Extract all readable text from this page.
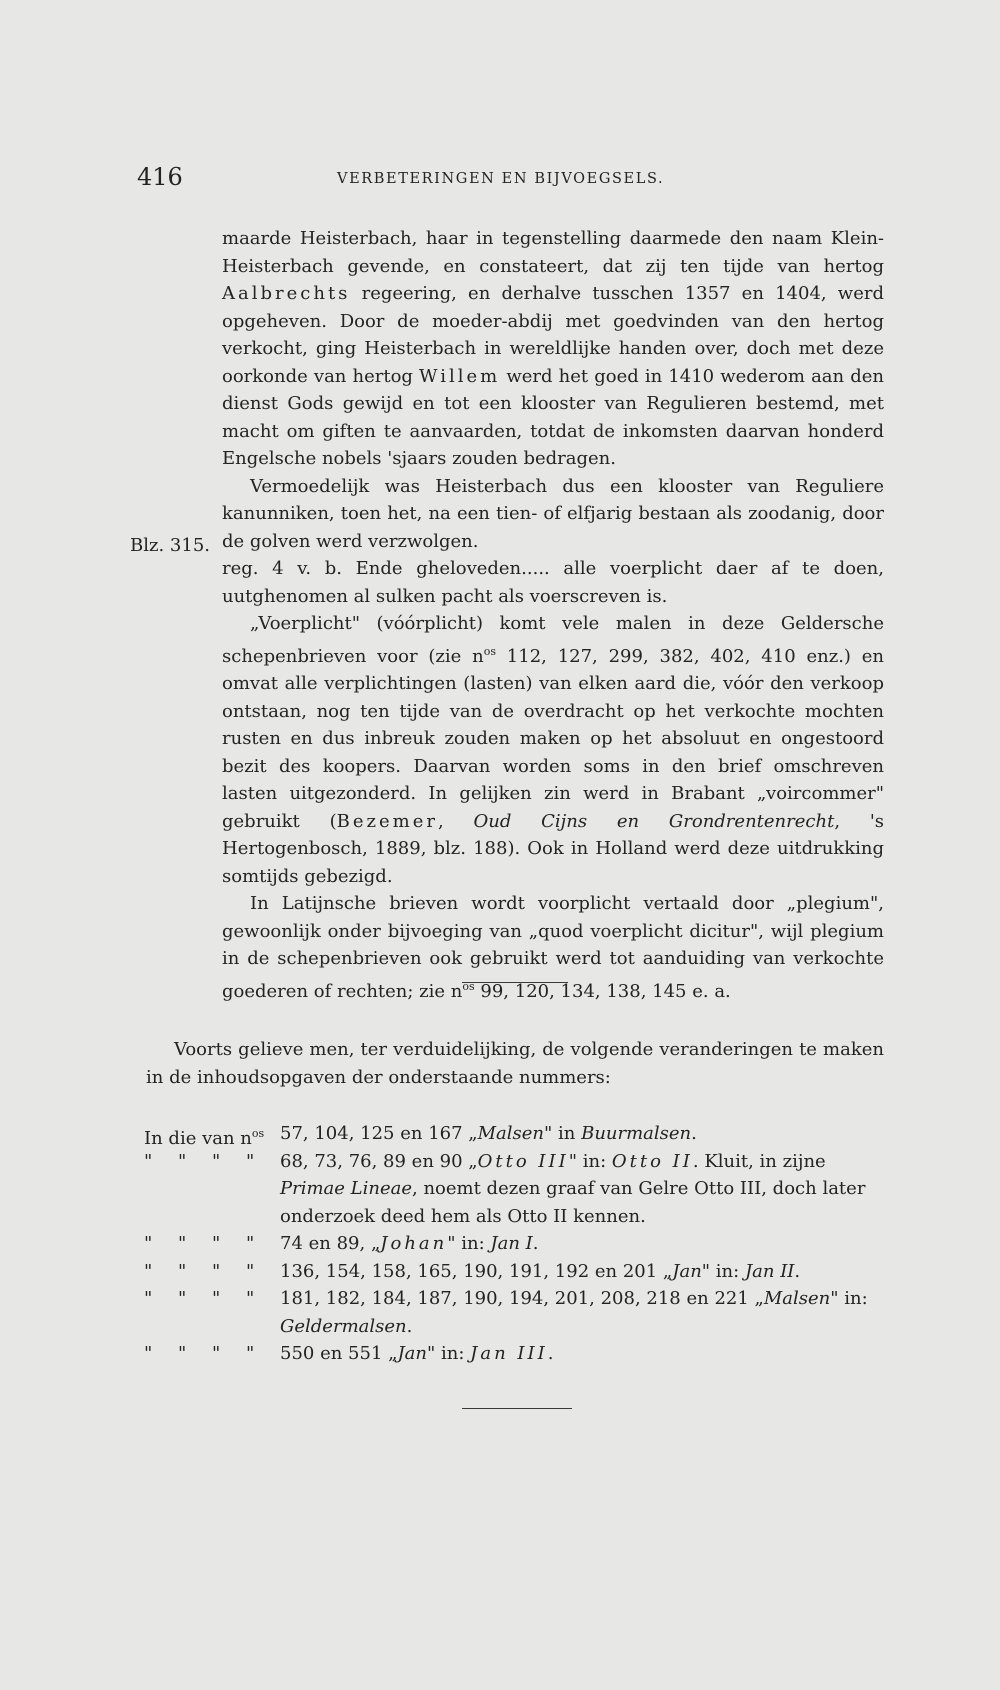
416	VERBETERINGEN EN BIJVOEGSELS.

maarde Heisterbach, haar in tegenstelling daarmede den naam Klein-Heisterbach gevende, en constateert, dat zij ten tijde van hertog Aalbrechts regeering, en derhalve tusschen 1357 en 1404, werd opgeheven. Door de moeder-abdij met goedvinden van den hertog verkocht, ging Heisterbach in wereldlijke handen over, doch met deze oorkonde van hertog Willem werd het goed in 1410 wederom aan den dienst Gods gewijd en tot een klooster van Regulieren bestemd, met macht om giften te aanvaarden, totdat de inkomsten daarvan honderd Engelsche nobels 'sjaars zouden bedragen.

Vermoedelijk was Heisterbach dus een klooster van Reguliere kanunniken, toen het, na een tien- of elfjarig bestaan als zoodanig, door de golven werd verzwolgen.

reg. 4 v. b. Ende gheloveden..... alle voerplicht daer af te doen, uutghenomen al sulken pacht als voerscreven is.

„Voerplicht" (vóórplicht) komt vele malen in deze Geldersche schepenbrieven voor (zie $n^{os}$ 112, 127, 299, 382, 402, 410 enz.) en omvat alle verplichtingen (lasten) van elken aard die, vóór den verkoop ontstaan, nog ten tijde van de overdracht op het verkochte mochten rusten en dus inbreuk zouden maken op het absoluut en ongestoord bezit des koopers. Daarvan worden soms in den brief omschreven lasten uitgezonderd. In gelijken zin werd in Brabant „voircommer" gebruikt (Bezemer, Oud Cijns en Grondrentenrecht, 's Hertogenbosch, 1889, blz. 188). Ook in Holland werd deze uitdrukking somtijds gebezigd.

In Latijnsche brieven wordt voorplicht vertaald door „plegium", gewoonlijk onder bijvoeging van „quod voerplicht dicitur", wijl plegium in de schepenbrieven ook gebruikt werd tot aanduiding van verkochte goederen of rechten; zie $n^{os}$ 99, 120, 134, 138, 145 e. a.

Blz. 315.

Voorts gelieve men, ter verduidelijking, de volgende veranderingen te maken in de inhoudsopgaven der onderstaande nummers:

In die van $n^{os}$ 57, 104, 125 en 167 „Malsen" in Buurmalsen.
" " " "	68, 73, 76, 89 en 90 „Otto III" in: Otto II. Kluit, in zijne Primae Lineae, noemt dezen graaf van Gelre Otto III, doch later onderzoek deed hem als Otto II kennen.
" " " "	74 en 89, „Johan" in: Jan I.
" " " "	136, 154, 158, 165, 190, 191, 192 en 201 „Jan" in: Jan II.
" " " "	181, 182, 184, 187, 190, 194, 201, 208, 218 en 221 „Malsen" in: Geldermalsen.
" " " "	550 en 551 „Jan" in: Jan III.
